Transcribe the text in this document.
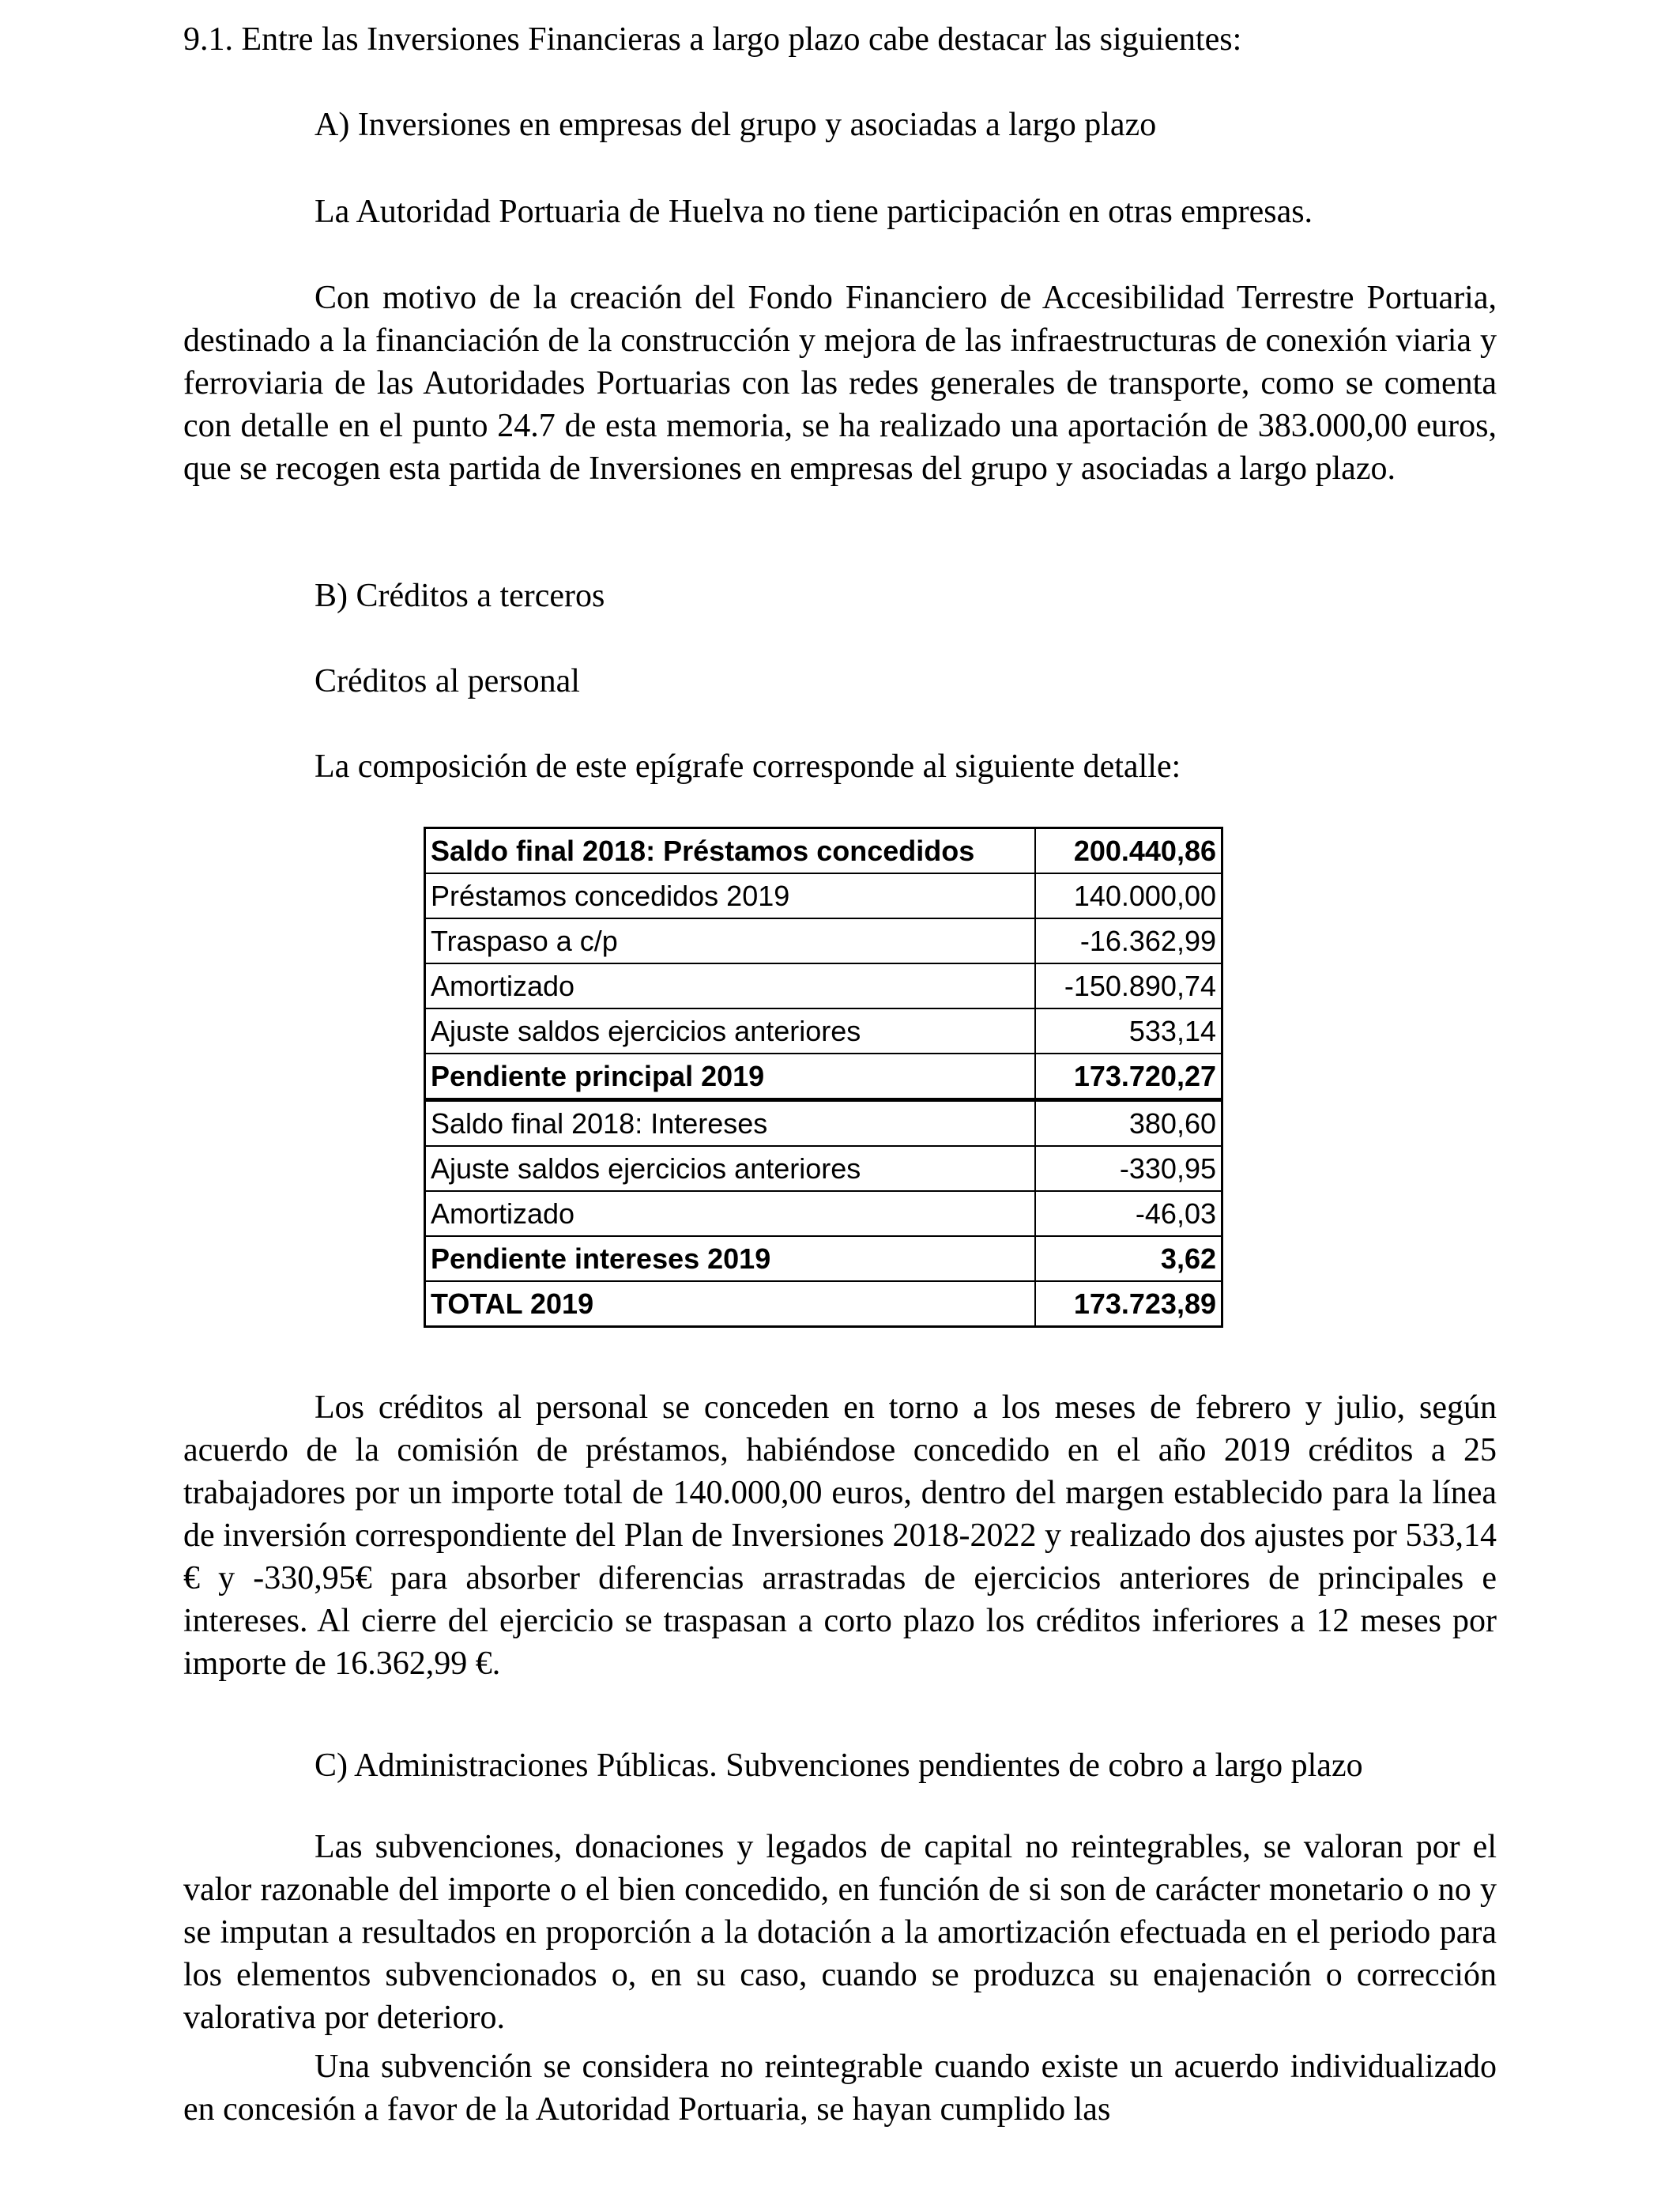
9.1. Entre las Inversiones Financieras a largo plazo cabe destacar las siguientes:
A) Inversiones en empresas del grupo y asociadas a largo plazo
La Autoridad Portuaria de Huelva no tiene participación en otras empresas.
Con motivo de la creación del Fondo Financiero de Accesibilidad Terrestre Portuaria, destinado a la financiación de la construcción y mejora de las infraestructuras de conexión viaria y ferroviaria de las Autoridades Portuarias con las redes generales de transporte, como se comenta con detalle en el punto 24.7 de esta memoria, se ha realizado una aportación de 383.000,00 euros, que se recogen esta partida de Inversiones en empresas del grupo y asociadas a largo plazo.
B) Créditos a terceros
Créditos al personal
La composición de este epígrafe corresponde al siguiente detalle:
Saldo final 2018: Préstamos concedidos	200.440,86
Préstamos concedidos 2019	140.000,00
Traspaso a c/p	-16.362,99
Amortizado	-150.890,74
Ajuste saldos ejercicios anteriores	533,14
Pendiente principal 2019	173.720,27
Saldo final 2018: Intereses	380,60
Ajuste saldos ejercicios anteriores	-330,95
Amortizado	-46,03
Pendiente intereses 2019	3,62
TOTAL 2019	173.723,89
Los créditos al personal se conceden en torno a los meses de febrero y julio, según acuerdo de la comisión de préstamos, habiéndose concedido en el año 2019 créditos a 25 trabajadores por un importe total de 140.000,00 euros, dentro del margen establecido para la línea de inversión correspondiente del Plan de Inversiones 2018-2022 y realizado dos ajustes por 533,14 € y -330,95€ para absorber diferencias arrastradas de ejercicios anteriores de principales e intereses. Al cierre del ejercicio se traspasan a corto plazo los créditos inferiores a 12 meses por importe de 16.362,99 €.
C) Administraciones Públicas. Subvenciones pendientes de cobro a largo plazo
Las subvenciones, donaciones y legados de capital no reintegrables, se valoran por el valor razonable del importe o el bien concedido, en función de si son de carácter monetario o no y se imputan a resultados en proporción a la dotación a la amortización efectuada en el periodo para los elementos subvencionados o, en su caso, cuando se produzca su enajenación o corrección valorativa por deterioro.
Una subvención se considera no reintegrable cuando existe un acuerdo individualizado en concesión a favor de la Autoridad Portuaria, se hayan cumplido las
